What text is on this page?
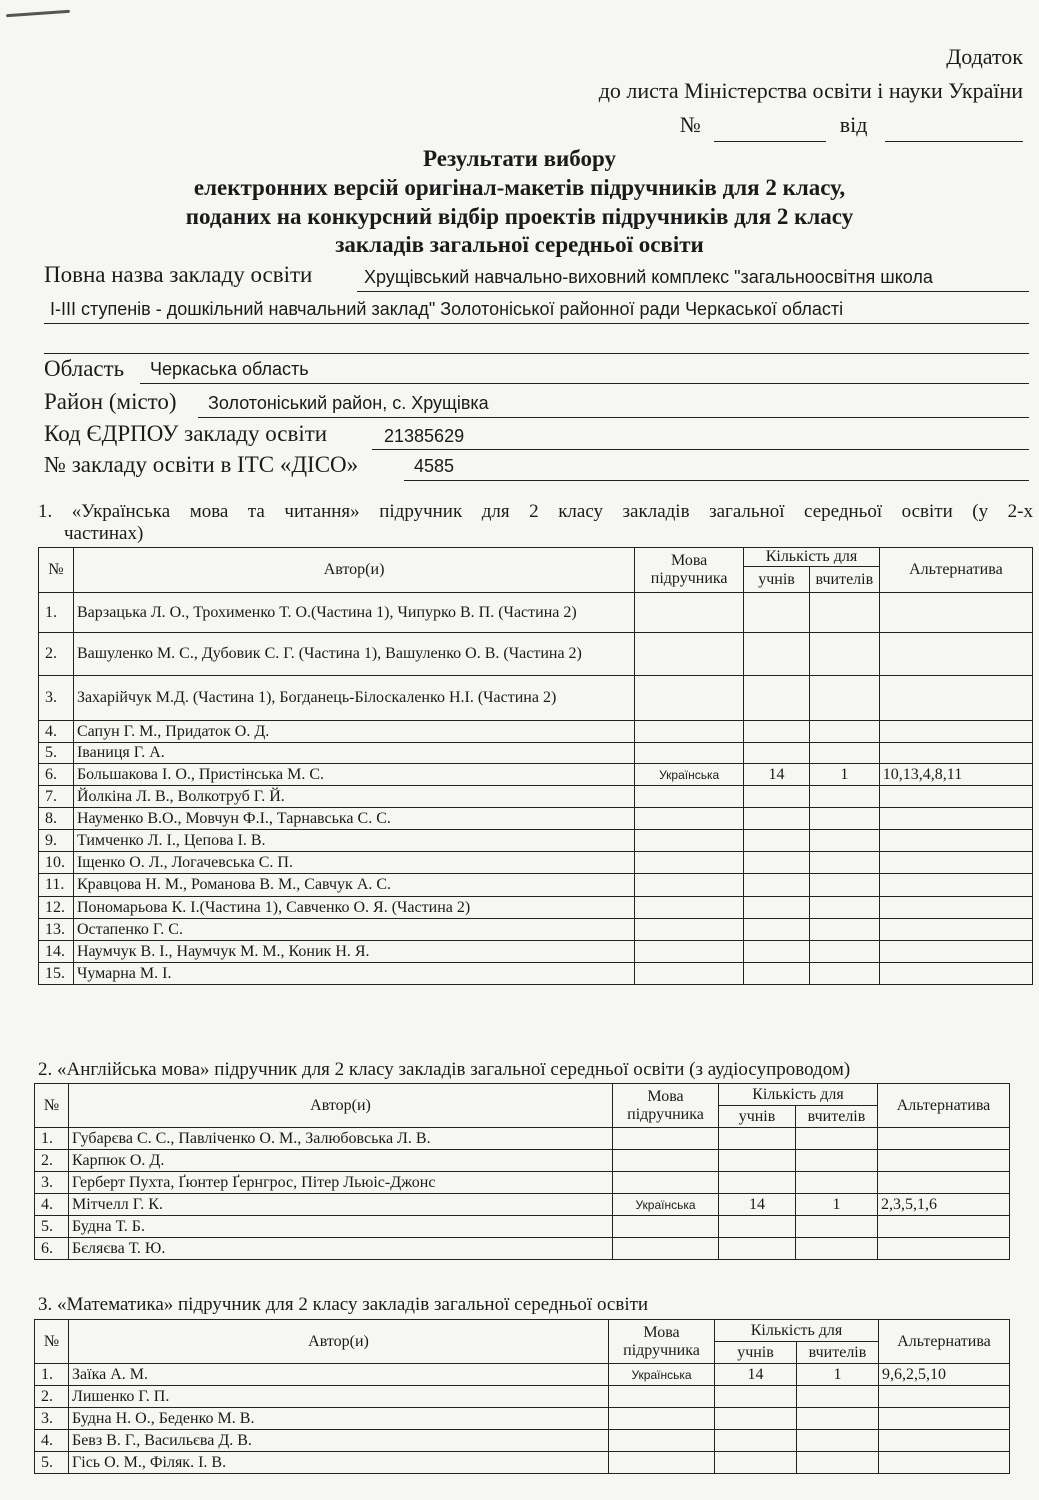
Додаток
до листа Міністерства освіти і науки України
№	від
Результати вибору
електронних версій оригінал-макетів підручників для 2 класу,
поданих на конкурсний відбір проектів підручників для 2 класу
закладів загальної середньої освіти
Повна назва закладу освіти	Хрущівський навчально-виховний комплекс "загальноосвітня школа
І-ІІІ ступенів - дошкільний навчальний заклад" Золотоніської районної ради Черкаської області
Область Черкаська область
Район (місто) Золотоніський район, с. Хрущівка
Код ЄДРПОУ закладу освіти	21385629
№ закладу освіти в ІТС «ДІСО»	4585
1. «Українська мова та читання» підручник для 2 класу закладів загальної середньої освіти (у 2-х
частинах)
№	Автор(и)	Мова підручника	Кількість для		Альтернатива
			учнів	вчителів	
1.	Варзацька Л. О., Трохименко Т. О.(Частина 1), Чипурко В. П. (Частина 2)				
2.	Вашуленко М. С., Дубовик С. Г. (Частина 1), Вашуленко О. В. (Частина 2)				
3.	Захарійчук М.Д. (Частина 1), Богданець-Білоскаленко Н.І. (Частина 2)				
4.	Сапун Г. М., Придаток О. Д.				
5.	Іваниця Г. А.				
6.	Большакова І. О., Пристінська М. С.	Українська	14	1	10,13,4,8,11
7.	Йолкіна Л. В., Волкотруб Г. Й.				
8.	Науменко В.О., Мовчун Ф.І., Тарнавська С. С.				
9.	Тимченко Л. І., Цепова І. В.				
10.	Іщенко О. Л., Логачевська С. П.				
11.	Кравцова Н. М., Романова В. М., Савчук А. С.				
12.	Пономарьова К. І.(Частина 1), Савченко О. Я. (Частина 2)				
13.	Остапенко Г. С.				
14.	Наумчук В. І., Наумчук М. М., Коник Н. Я.				
15.	Чумарна М. І.				
2. «Англійська мова» підручник для 2 класу закладів загальної середньої освіти (з аудіосупроводом)
№	Автор(и)	Мова підручника	Кількість для		Альтернатива
			учнів	вчителів	
1.	Губарєва С. С., Павліченко О. М., Залюбовська Л. В.				
2.	Карпюк О. Д.				
3.	Герберт Пухта, Ґюнтер Ґернгрос, Пітер Льюіс-Джонс				
4.	Мітчелл Г. К.	Українська	14	1	2,3,5,1,6
5.	Будна Т. Б.				
6.	Бєляєва Т. Ю.				
3. «Математика» підручник для 2 класу закладів загальної середньої освіти
№	Автор(и)	Мова підручника	Кількість для		Альтернатива
			учнів	вчителів	
1.	Заїка А. М.	Українська	14	1	9,6,2,5,10
2.	Лишенко Г. П.				
3.	Будна Н. О., Беденко М. В.				
4.	Бевз В. Г., Васильєва Д. В.				
5.	Гісь О. М., Філяк. І. В.				
